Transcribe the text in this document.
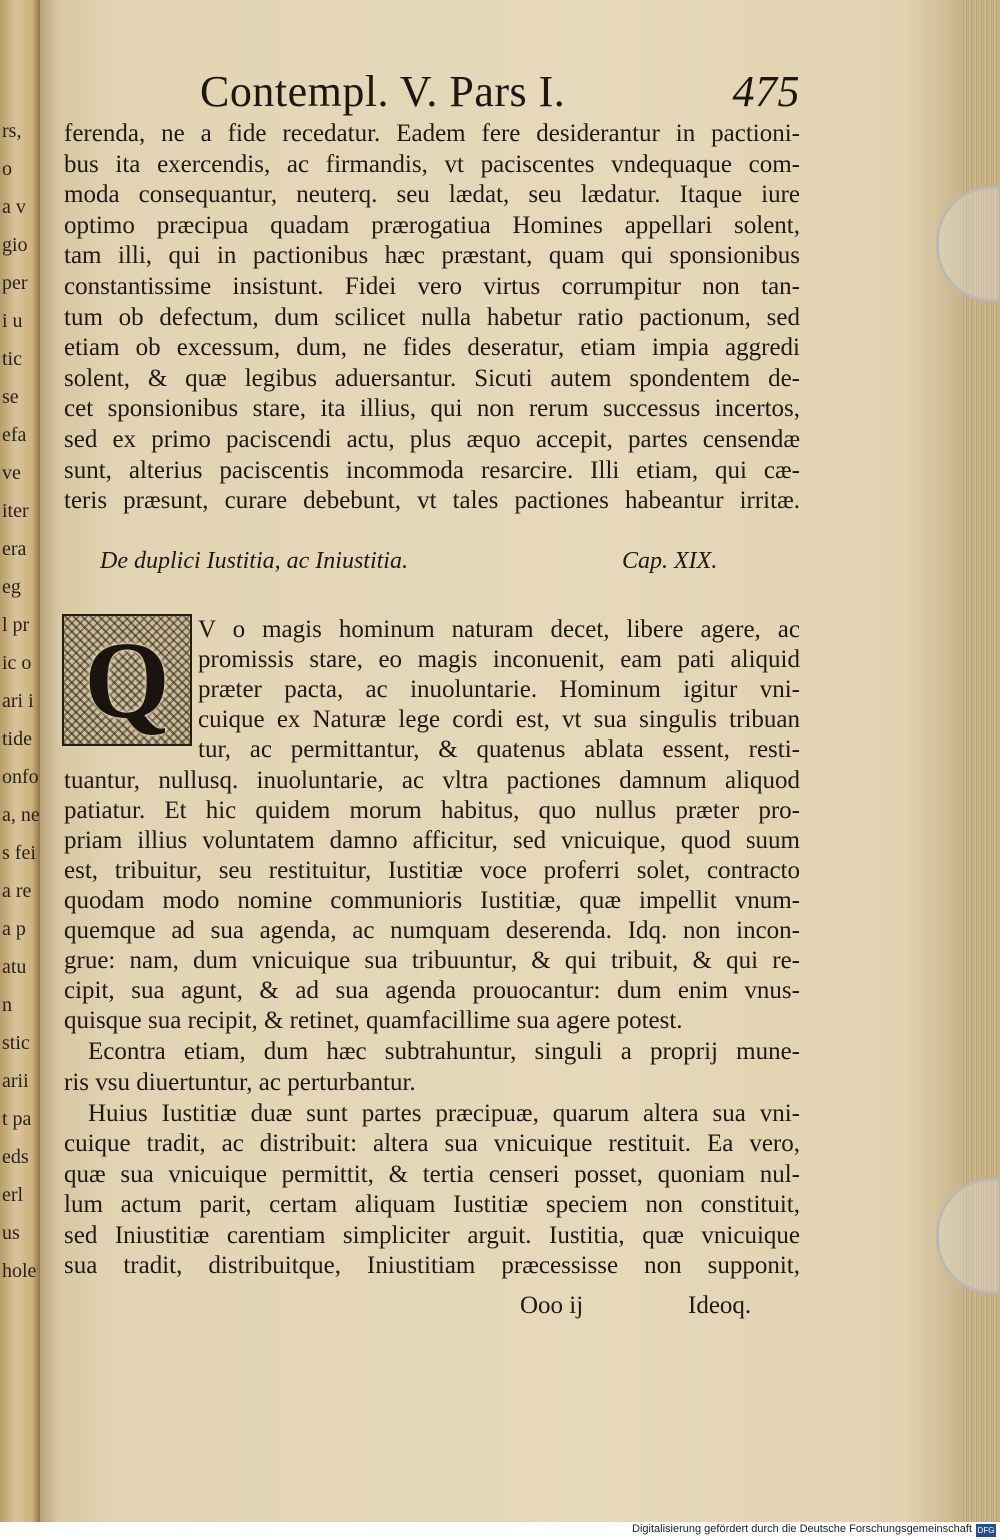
rs,
o
a v
gio
per
i u
tic
se
efa
ve
iter
era
eg
l pr
ic o
ari i
tide
onfo
a, ne
s fei
a re
a p
atu
n
stic
arii
t pa
eds
erl
us
hole
Contempl. V. Pars I.	475
ferenda, ne a fide recedatur. Eadem fere desiderantur in pactioni-
bus ita exercendis, ac firmandis, vt paciscentes vndequaque com-
moda consequantur, neuterq. seu lædat, seu lædatur. Itaque iure
optimo præcipua quadam prærogatiua Homines appellari solent,
tam illi, qui in pactionibus hæc præstant, quam qui sponsionibus
constantissime insistunt. Fidei vero virtus corrumpitur non tan-
tum ob defectum, dum scilicet nulla habetur ratio pactionum, sed
etiam ob excessum, dum, ne fides deseratur, etiam impia aggredi
solent, & quæ legibus aduersantur. Sicuti autem spondentem de-
cet sponsionibus stare, ita illius, qui non rerum successus incertos,
sed ex primo paciscendi actu, plus æquo accepit, partes censendæ
sunt, alterius paciscentis incommoda resarcire. Illi etiam, qui cæ-
teris præsunt, curare debebunt, vt tales pactiones habeantur irritæ.
De duplici Iustitia, ac Iniustitia.	Cap. XIX.
Q V o magis hominum naturam decet, libere agere, ac
promissis stare, eo magis inconuenit, eam pati aliquid
præter pacta, ac inuoluntarie. Hominum igitur vni-
cuique ex Naturæ lege cordi est, vt sua singulis tribuan
tur, ac permittantur, & quatenus ablata essent, resti-
tuantur, nullusq. inuoluntarie, ac vltra pactiones damnum aliquod
patiatur. Et hic quidem morum habitus, quo nullus præter pro-
priam illius voluntatem damno afficitur, sed vnicuique, quod suum
est, tribuitur, seu restituitur, Iustitiæ voce proferri solet, contracto
quodam modo nomine communioris Iustitiæ, quæ impellit vnum-
quemque ad sua agenda, ac numquam deserenda. Idq. non incon-
grue: nam, dum vnicuique sua tribuuntur, & qui tribuit, & qui re-
cipit, sua agunt, & ad sua agenda prouocantur: dum enim vnus-
quisque sua recipit, & retinet, quamfacillime sua agere potest.
Econtra etiam, dum hæc subtrahuntur, singuli a proprij mune-
ris vsu diuertuntur, ac perturbantur.
Huius Iustitiæ duæ sunt partes præcipuæ, quarum altera sua vni-
cuique tradit, ac distribuit: altera sua vnicuique restituit. Ea vero,
quæ sua vnicuique permittit, & tertia censeri posset, quoniam nul-
lum actum parit, certam aliquam Iustitiæ speciem non constituit,
sed Iniustitiæ carentiam simpliciter arguit. Iustitia, quæ vnicuique
sua tradit, distribuitque, Iniustitiam præcessisse non supponit,
Ooo ij	Ideoq.
Digitalisierung gefördert durch die Deutsche Forschungsgemeinschaft DFG
